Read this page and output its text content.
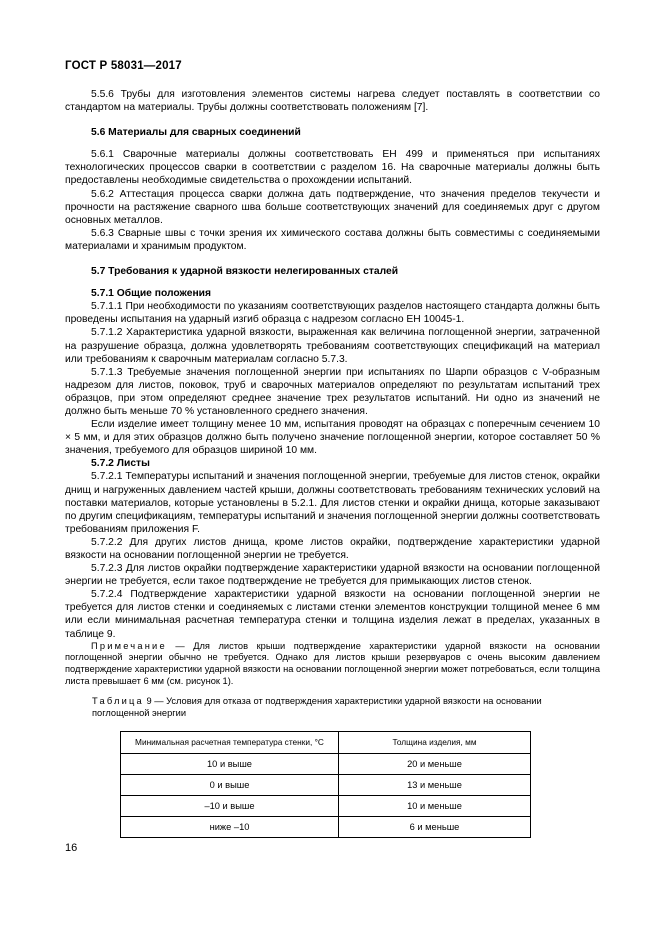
ГОСТ Р 58031—2017

5.5.6 Трубы для изготовления элементов системы нагрева следует поставлять в соответствии со стандартом на материалы. Трубы должны соответствовать положениям [7].

5.6 Материалы для сварных соединений

5.6.1 Сварочные материалы должны соответствовать ЕН 499 и применяться при испытаниях технологических процессов сварки в соответствии с разделом 16. На сварочные материалы должны быть предоставлены необходимые свидетельства о прохождении испытаний.

5.6.2 Аттестация процесса сварки должна дать подтверждение, что значения пределов текучести и прочности на растяжение сварного шва больше соответствующих значений для соединяемых друг с другом основных металлов.

5.6.3 Сварные швы с точки зрения их химического состава должны быть совместимы с соединяемыми материалами и хранимым продуктом.

5.7 Требования к ударной вязкости нелегированных сталей
5.7.1 Общие положения

5.7.1.1 При необходимости по указаниям соответствующих разделов настоящего стандарта должны быть проведены испытания на ударный изгиб образца с надрезом согласно ЕН 10045-1.

5.7.1.2 Характеристика ударной вязкости, выраженная как величина поглощенной энергии, затраченной на разрушение образца, должна удовлетворять требованиям соответствующих спецификаций на материал или требованиям к сварочным материалам согласно 5.7.3.

5.7.1.3 Требуемые значения поглощенной энергии при испытаниях по Шарпи образцов с V-образным надрезом для листов, поковок, труб и сварочных материалов определяют по результатам испытаний трех образцов, при этом определяют среднее значение трех результатов испытаний. Ни одно из значений не должно быть меньше 70 % установленного среднего значения.

Если изделие имеет толщину менее 10 мм, испытания проводят на образцах с поперечным сечением 10 × 5 мм, и для этих образцов должно быть получено значение поглощенной энергии, которое составляет 50 % значения, требуемого для образцов шириной 10 мм.

5.7.2 Листы

5.7.2.1 Температуры испытаний и значения поглощенной энергии, требуемые для листов стенок, окрайки днищ и нагруженных давлением частей крыши, должны соответствовать требованиям технических условий на поставки материалов, которые установлены в 5.2.1. Для листов стенки и окрайки днища, которые заказывают по другим спецификациям, температуры испытаний и значения поглощенной энергии должны соответствовать требованиям приложения F.

5.7.2.2 Для других листов днища, кроме листов окрайки, подтверждение характеристики ударной вязкости на основании поглощенной энергии не требуется.

5.7.2.3 Для листов окрайки подтверждение характеристики ударной вязкости на основании поглощенной энергии не требуется, если такое подтверждение не требуется для примыкающих листов стенок.

5.7.2.4 Подтверждение характеристики ударной вязкости на основании поглощенной энергии не требуется для листов стенки и соединяемых с листами стенки элементов конструкции толщиной менее 6 мм или если минимальная расчетная температура стенки и толщина изделия лежат в пределах, указанных в таблице 9.

Примечание — Для листов крыши подтверждение характеристики ударной вязкости на основании поглощенной энергии обычно не требуется. Однако для листов крыши резервуаров с очень высоким давлением подтверждение характеристики ударной вязкости на основании поглощенной энергии может потребоваться, если толщина листа превышает 6 мм (см. рисунок 1).

Таблица 9 — Условия для отказа от подтверждения характеристики ударной вязкости на основании поглощенной энергии
Минимальная расчетная температура стенки, °С	Толщина изделия, мм
10 и выше	20 и меньше
0 и выше	13 и меньше
–10 и выше	10 и меньше
ниже –10	6 и меньше
16
